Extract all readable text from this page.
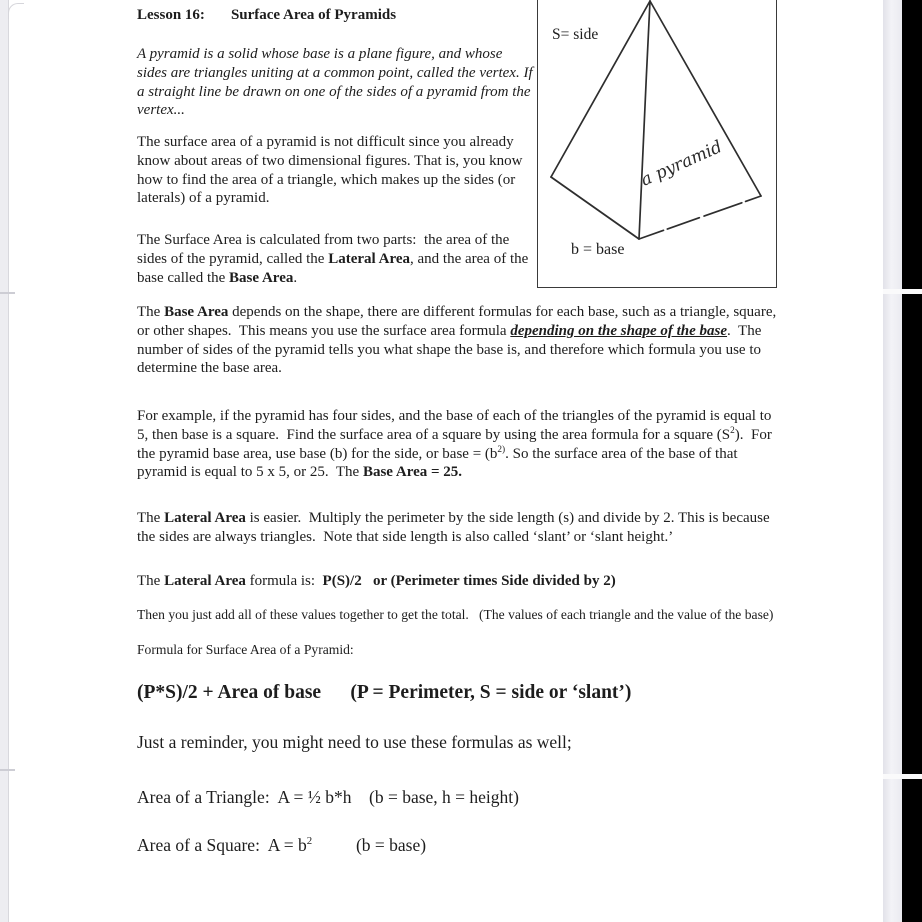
Lesson 16: Surface Area of Pyramids

A pyramid is a solid whose base is a plane figure, and whose sides are triangles uniting at a common point, called the vertex. If a straight line be drawn on one of the sides of a pyramid from the vertex...

The surface area of a pyramid is not difficult since you already know about areas of two dimensional figures. That is, you know how to find the area of a triangle, which makes up the sides (or laterals) of a pyramid.

The Surface Area is calculated from two parts:  the area of the sides of the pyramid, called the Lateral Area, and the area of the base called the Base Area.

S= side
a pyramid
b = base

The Base Area depends on the shape, there are different formulas for each base, such as a triangle, square, or other shapes.  This means you use the surface area formula depending on the shape of the base.  The number of sides of the pyramid tells you what shape the base is, and therefore which formula you use to determine the base area.

For example, if the pyramid has four sides, and the base of each of the triangles of the pyramid is equal to 5, then base is a square.  Find the surface area of a square by using the area formula for a square $(S^2)$.  For the pyramid base area, use base (b) for the side, or base = ($b^{2)}$. So the surface area of the base of that pyramid is equal to 5 x 5, or 25.  The Base Area = 25.

The Lateral Area is easier.  Multiply the perimeter by the side length (s) and divide by 2. This is because the sides are always triangles.  Note that side length is also called ‘slant’ or ‘slant height.’

The Lateral Area formula is:  P(S)/2   or (Perimeter times Side divided by 2)

Then you just add all of these values together to get the total.   (The values of each triangle and the value of the base)

Formula for Surface Area of a Pyramid:

(P*S)/2 + Area of base      (P = Perimeter, S = side or ‘slant’)

Just a reminder, you might need to use these formulas as well;

Area of a Triangle:  A = ½ b*h    (b = base, h = height)

Area of a Square:  $A = b^2$          (b = base)
